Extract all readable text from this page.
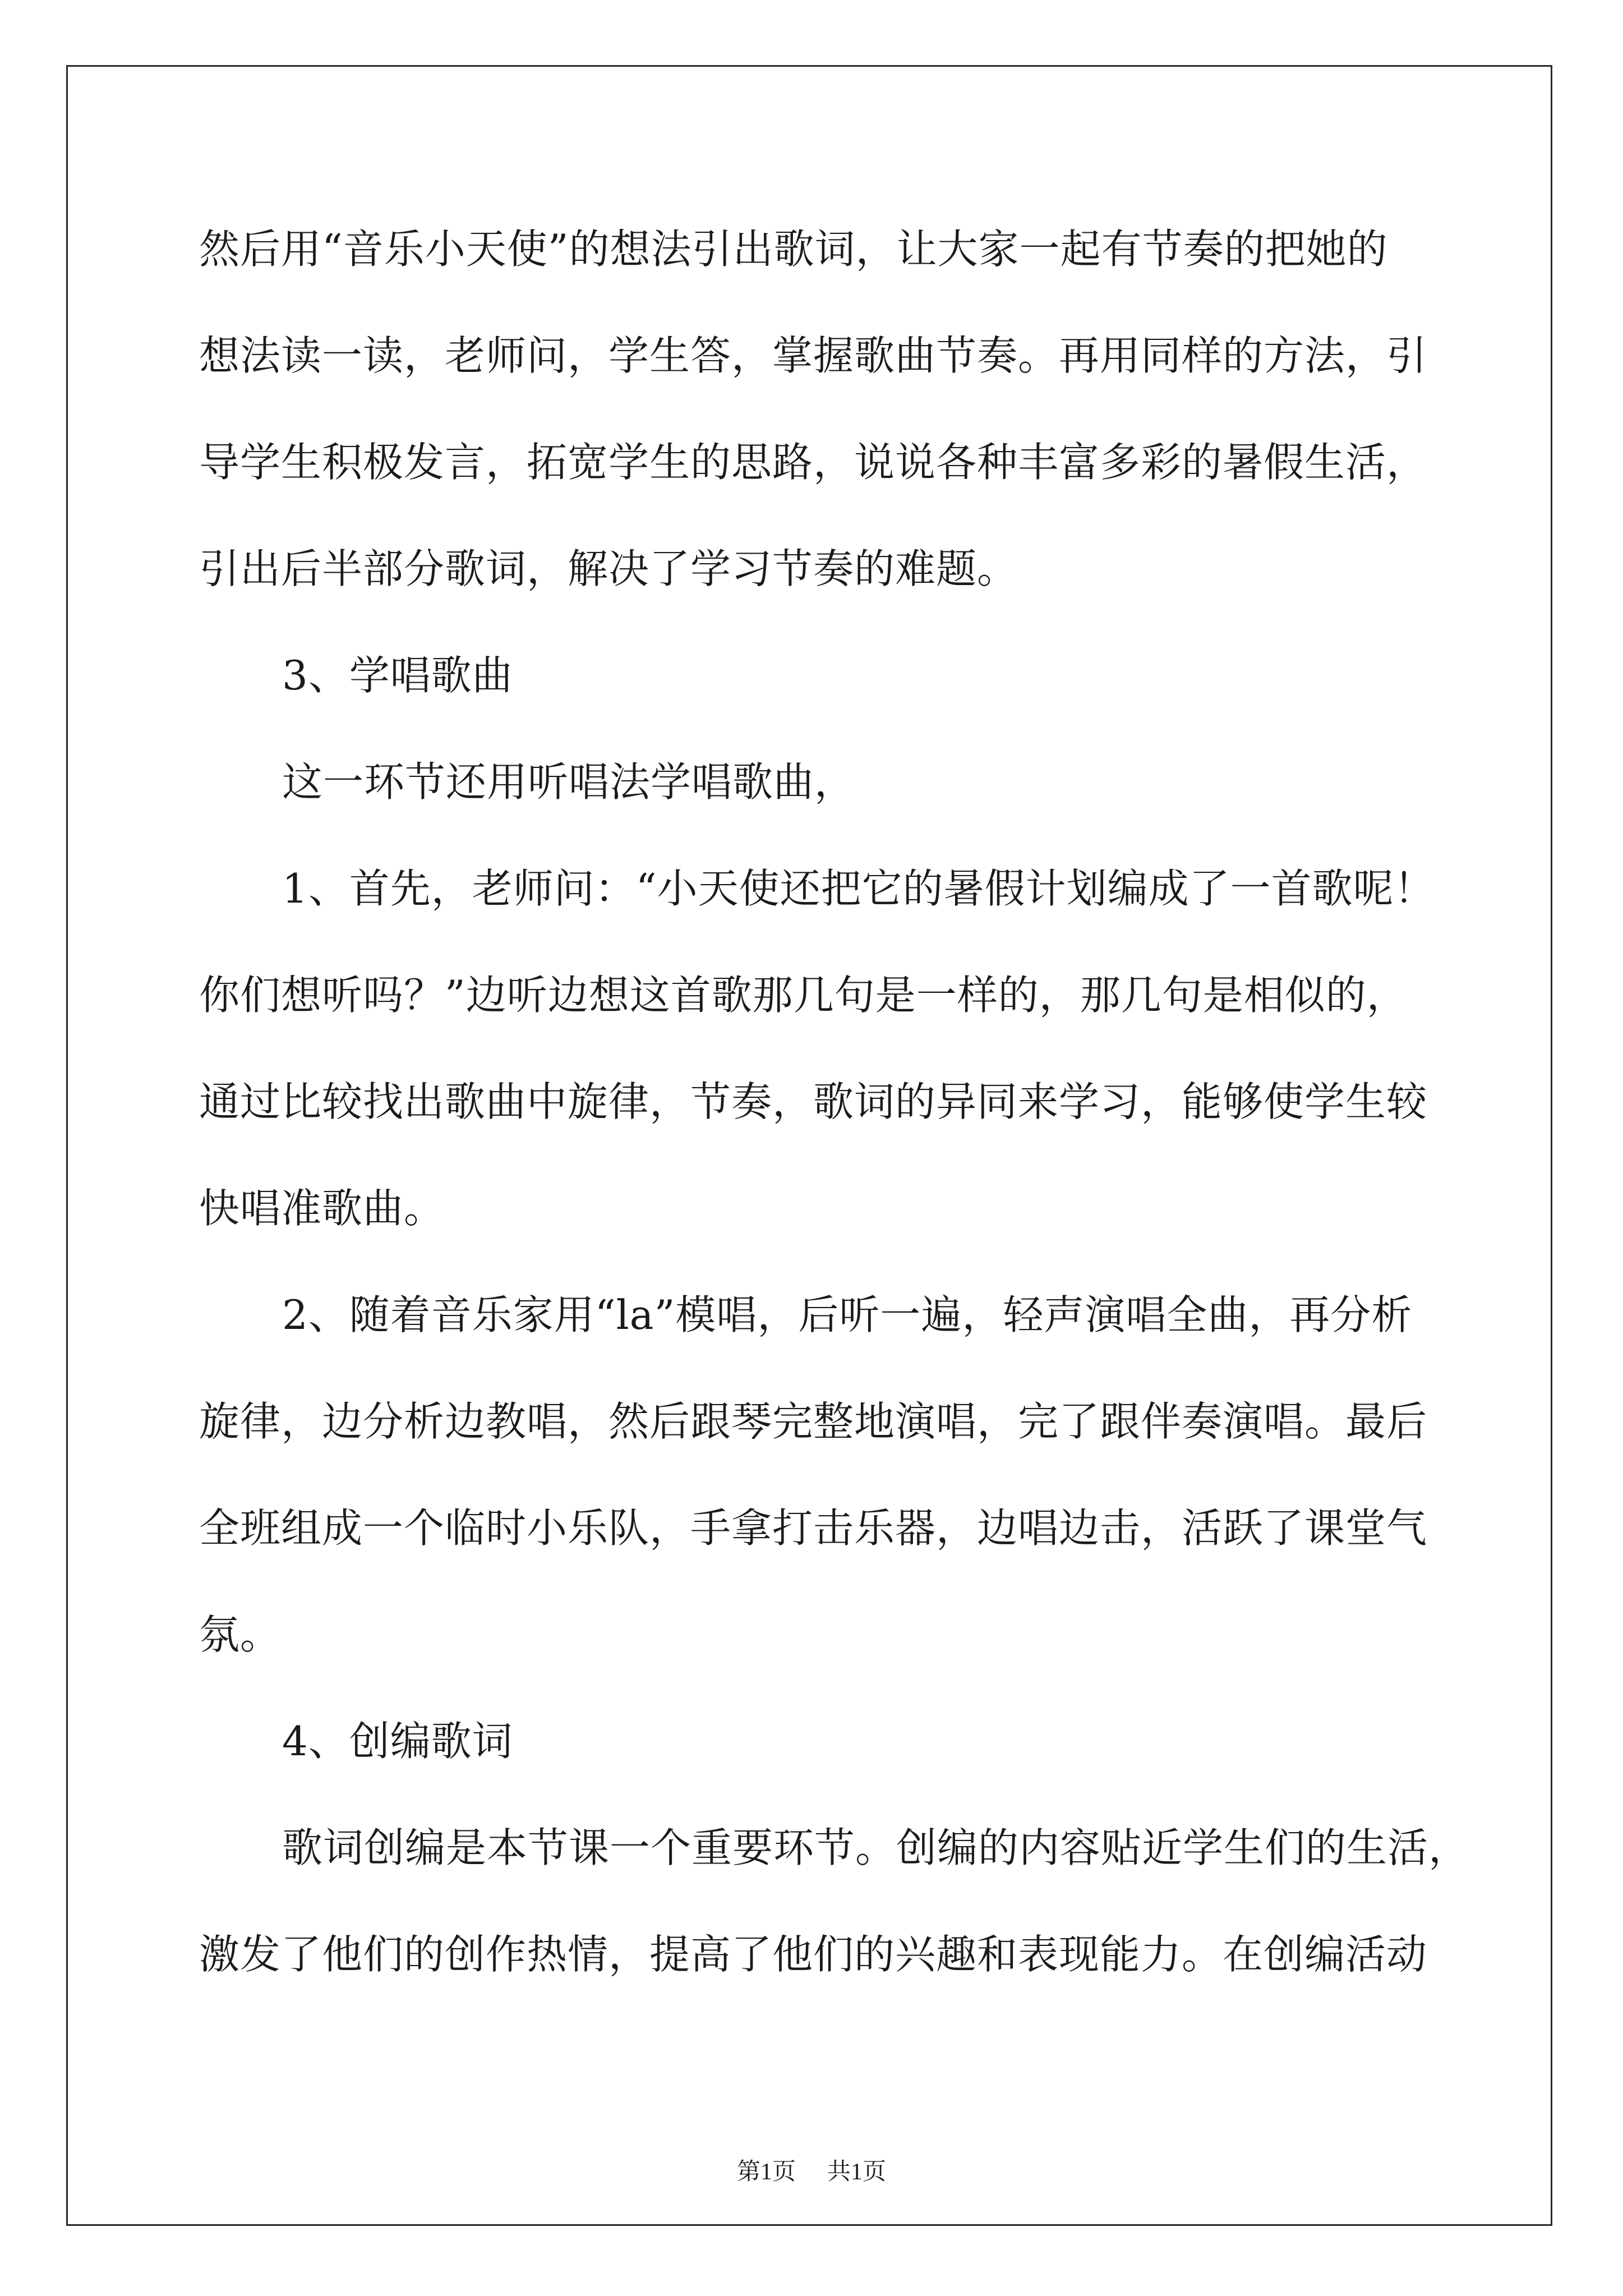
然后用“音乐小天使”的想法引出歌词，让大家一起有节奏的把她的
想法读一读，老师问，学生答，掌握歌曲节奏。再用同样的方法，引
导学生积极发言，拓宽学生的思路，说说各种丰富多彩的暑假生活，
引出后半部分歌词，解决了学习节奏的难题。
3、学唱歌曲
这一环节还用听唱法学唱歌曲，
1、首先，老师问：“小天使还把它的暑假计划编成了一首歌呢！
你们想听吗？”边听边想这首歌那几句是一样的，那几句是相似的，
通过比较找出歌曲中旋律，节奏，歌词的异同来学习，能够使学生较
快唱准歌曲。
2、随着音乐家用“la”模唱，后听一遍，轻声演唱全曲，再分析
旋律，边分析边教唱，然后跟琴完整地演唱，完了跟伴奏演唱。最后
全班组成一个临时小乐队，手拿打击乐器，边唱边击，活跃了课堂气
氛。
4、创编歌词
歌词创编是本节课一个重要环节。创编的内容贴近学生们的生活，
激发了他们的创作热情，提高了他们的兴趣和表现能力。在创编活动
第1页 共1页
